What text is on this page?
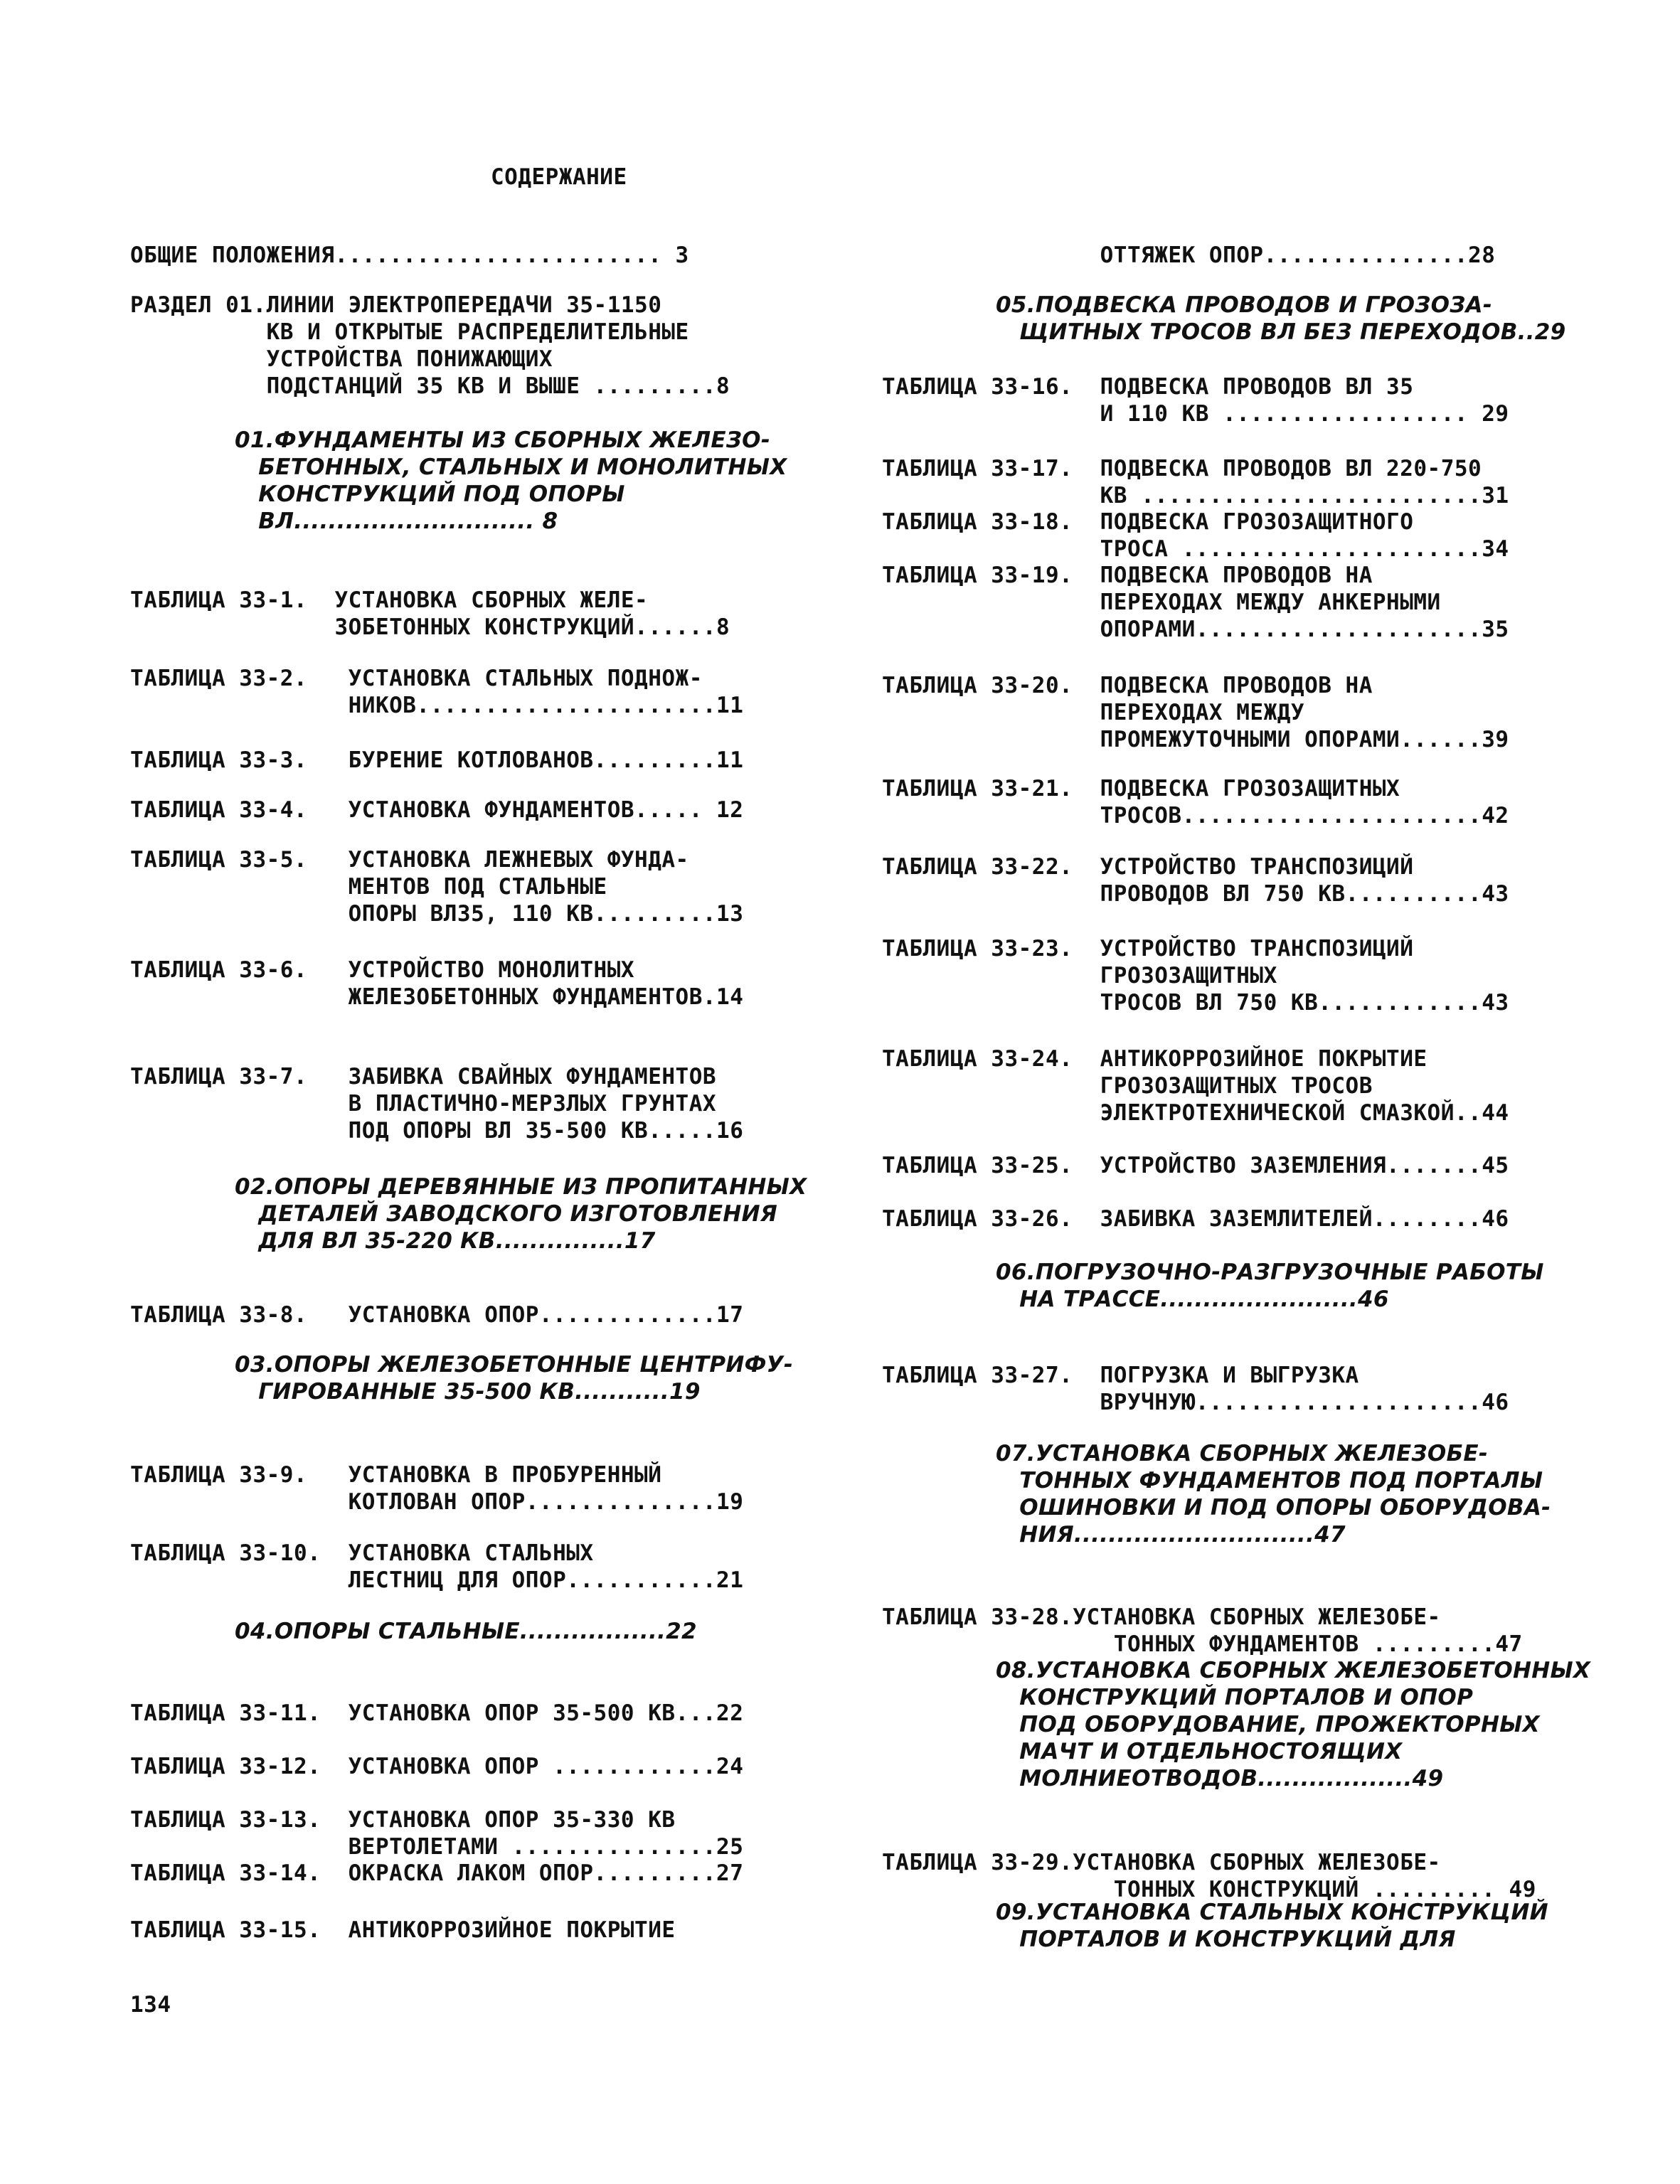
СОДЕРЖАНИЕ
ОБЩИЕ ПОЛОЖЕНИЯ........................ 3
РАЗДЕЛ 01.ЛИНИИ ЭЛЕКТРОПЕРЕДАЧИ 35-1150
КВ И ОТКРЫТЫЕ РАСПРЕДЕЛИТЕЛЬНЫЕ
УСТРОЙСТВА ПОНИЖАЮЩИХ
ПОДСТАНЦИЙ 35 КВ И ВЫШЕ .........8
01.ФУНДАМЕНТЫ ИЗ СБОРНЫХ ЖЕЛЕЗО-
БЕТОННЫХ, СТАЛЬНЫХ И МОНОЛИТНЫХ
КОНСТРУКЦИЙ ПОД ОПОРЫ
ВЛ............................ 8
ТАБЛИЦА 33-1.  УСТАНОВКА СБОРНЫХ ЖЕЛЕ-
ЗОБЕТОННЫХ КОНСТРУКЦИЙ......8
ТАБЛИЦА 33-2.   УСТАНОВКА СТАЛЬНЫХ ПОДНОЖ-
НИКОВ......................11
ТАБЛИЦА 33-3.   БУРЕНИЕ КОТЛОВАНОВ.........11
ТАБЛИЦА 33-4.   УСТАНОВКА ФУНДАМЕНТОВ..... 12
ТАБЛИЦА 33-5.   УСТАНОВКА ЛЕЖНЕВЫХ ФУНДА-
МЕНТОВ ПОД СТАЛЬНЫЕ
ОПОРЫ ВЛ35, 110 КВ.........13
ТАБЛИЦА 33-6.   УСТРОЙСТВО МОНОЛИТНЫХ
ЖЕЛЕЗОБЕТОННЫХ ФУНДАМЕНТОВ.14
ТАБЛИЦА 33-7.   ЗАБИВКА СВАЙНЫХ ФУНДАМЕНТОВ
В ПЛАСТИЧНО-МЕРЗЛЫХ ГРУНТАХ
ПОД ОПОРЫ ВЛ 35-500 КВ.....16
02.ОПОРЫ ДЕРЕВЯННЫЕ ИЗ ПРОПИТАННЫХ
ДЕТАЛЕЙ ЗАВОДСКОГО ИЗГОТОВЛЕНИЯ
ДЛЯ ВЛ 35-220 КВ...............17
ТАБЛИЦА 33-8.   УСТАНОВКА ОПОР.............17
03.ОПОРЫ ЖЕЛЕЗОБЕТОННЫЕ ЦЕНТРИФУ-
ГИРОВАННЫЕ 35-500 КВ...........19
ТАБЛИЦА 33-9.   УСТАНОВКА В ПРОБУРЕННЫЙ
КОТЛОВАН ОПОР..............19
ТАБЛИЦА 33-10.  УСТАНОВКА СТАЛЬНЫХ
ЛЕСТНИЦ ДЛЯ ОПОР...........21
04.ОПОРЫ СТАЛЬНЫЕ.................22
ТАБЛИЦА 33-11.  УСТАНОВКА ОПОР 35-500 КВ...22
ТАБЛИЦА 33-12.  УСТАНОВКА ОПОР ............24
ТАБЛИЦА 33-13.  УСТАНОВКА ОПОР 35-330 КВ
ВЕРТОЛЕТАМИ ...............25
ТАБЛИЦА 33-14.  ОКРАСКА ЛАКОМ ОПОР.........27
ТАБЛИЦА 33-15.  АНТИКОРРОЗИЙНОЕ ПОКРЫТИЕ
ОТТЯЖЕК ОПОР...............28
05.ПОДВЕСКА ПРОВОДОВ И ГРОЗОЗА-
ЩИТНЫХ ТРОСОВ ВЛ БЕЗ ПЕРЕХОДОВ..29
ТАБЛИЦА 33-16.  ПОДВЕСКА ПРОВОДОВ ВЛ 35
И 110 КВ .................. 29
ТАБЛИЦА 33-17.  ПОДВЕСКА ПРОВОДОВ ВЛ 220-750
КВ .........................31
ТАБЛИЦА 33-18.  ПОДВЕСКА ГРОЗОЗАЩИТНОГО
ТРОСА ......................34
ТАБЛИЦА 33-19.  ПОДВЕСКА ПРОВОДОВ НА
ПЕРЕХОДАХ МЕЖДУ АНКЕРНЫМИ
ОПОРАМИ.....................35
ТАБЛИЦА 33-20.  ПОДВЕСКА ПРОВОДОВ НА
ПЕРЕХОДАХ МЕЖДУ
ПРОМЕЖУТОЧНЫМИ ОПОРАМИ......39
ТАБЛИЦА 33-21.  ПОДВЕСКА ГРОЗОЗАЩИТНЫХ
ТРОСОВ......................42
ТАБЛИЦА 33-22.  УСТРОЙСТВО ТРАНСПОЗИЦИЙ
ПРОВОДОВ ВЛ 750 КВ..........43
ТАБЛИЦА 33-23.  УСТРОЙСТВО ТРАНСПОЗИЦИЙ
ГРОЗОЗАЩИТНЫХ
ТРОСОВ ВЛ 750 КВ............43
ТАБЛИЦА 33-24.  АНТИКОРРОЗИЙНОЕ ПОКРЫТИЕ
ГРОЗОЗАЩИТНЫХ ТРОСОВ
ЭЛЕКТРОТЕХНИЧЕСКОЙ СМАЗКОЙ..44
ТАБЛИЦА 33-25.  УСТРОЙСТВО ЗАЗЕМЛЕНИЯ.......45
ТАБЛИЦА 33-26.  ЗАБИВКА ЗАЗЕМЛИТЕЛЕЙ........46
06.ПОГРУЗОЧНО-РАЗГРУЗОЧНЫЕ РАБОТЫ
НА ТРАССЕ.......................46
ТАБЛИЦА 33-27.  ПОГРУЗКА И ВЫГРУЗКА
ВРУЧНУЮ.....................46
07.УСТАНОВКА СБОРНЫХ ЖЕЛЕЗОБЕ-
ТОННЫХ ФУНДАМЕНТОВ ПОД ПОРТАЛЫ
ОШИНОВКИ И ПОД ОПОРЫ ОБОРУДОВА-
НИЯ............................47
ТАБЛИЦА 33-28.УСТАНОВКА СБОРНЫХ ЖЕЛЕЗОБЕ-
ТОННЫХ ФУНДАМЕНТОВ .........47
08.УСТАНОВКА СБОРНЫХ ЖЕЛЕЗОБЕТОННЫХ
КОНСТРУКЦИЙ ПОРТАЛОВ И ОПОР
ПОД ОБОРУДОВАНИЕ, ПРОЖЕКТОРНЫХ
МАЧТ И ОТДЕЛЬНОСТОЯЩИХ
МОЛНИЕОТВОДОВ..................49
ТАБЛИЦА 33-29.УСТАНОВКА СБОРНЫХ ЖЕЛЕЗОБЕ-
ТОННЫХ КОНСТРУКЦИЙ ......... 49
09.УСТАНОВКА СТАЛЬНЫХ КОНСТРУКЦИЙ
ПОРТАЛОВ И КОНСТРУКЦИЙ ДЛЯ
134
